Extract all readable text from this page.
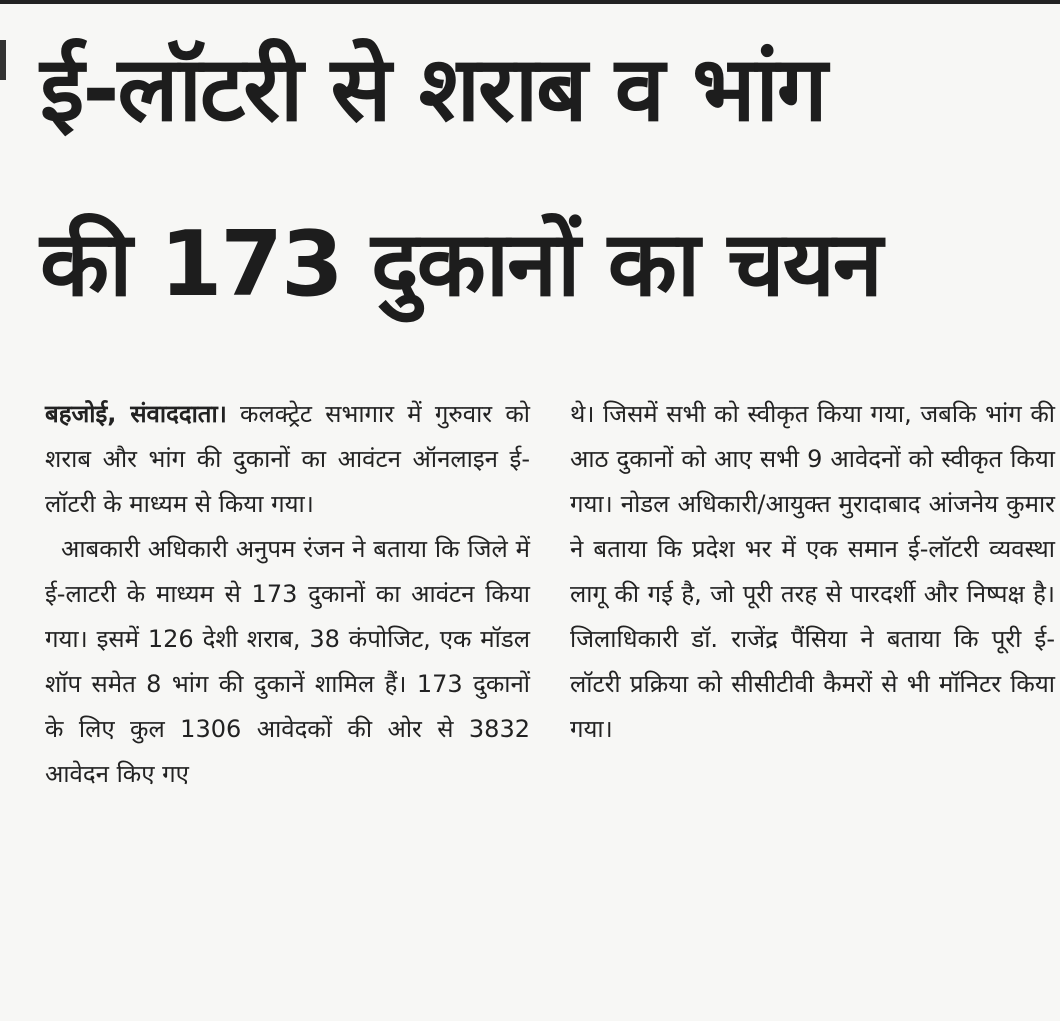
ई-लॉटरी से शराब व भांग
की 173 दुकानों का चयन

बहजोई, संवाददाता। कलक्ट्रेट सभागार में गुरुवार को शराब और भांग की दुकानों का आवंटन ऑनलाइन ई-लॉटरी के माध्यम से किया गया।

आबकारी अधिकारी अनुपम रंजन ने बताया कि जिले में ई-लाटरी के माध्यम से 173 दुकानों का आवंटन किया गया। इसमें 126 देशी शराब, 38 कंपोजिट, एक मॉडल शॉप समेत 8 भांग की दुकानें शामिल हैं। 173 दुकानों के लिए कुल 1306 आवेदकों की ओर से 3832 आवेदन किए गए

थे। जिसमें सभी को स्वीकृत किया गया, जबकि भांग की आठ दुकानों को आए सभी 9 आवेदनों को स्वीकृत किया गया। नोडल अधिकारी/आयुक्त मुरादाबाद आंजनेय कुमार ने बताया कि प्रदेश भर में एक समान ई-लॉटरी व्यवस्था लागू की गई है, जो पूरी तरह से पारदर्शी और निष्पक्ष है। जिलाधिकारी डॉ. राजेंद्र पैंसिया ने बताया कि पूरी ई-लॉटरी प्रक्रिया को सीसीटीवी कैमरों से भी मॉनिटर किया गया।
